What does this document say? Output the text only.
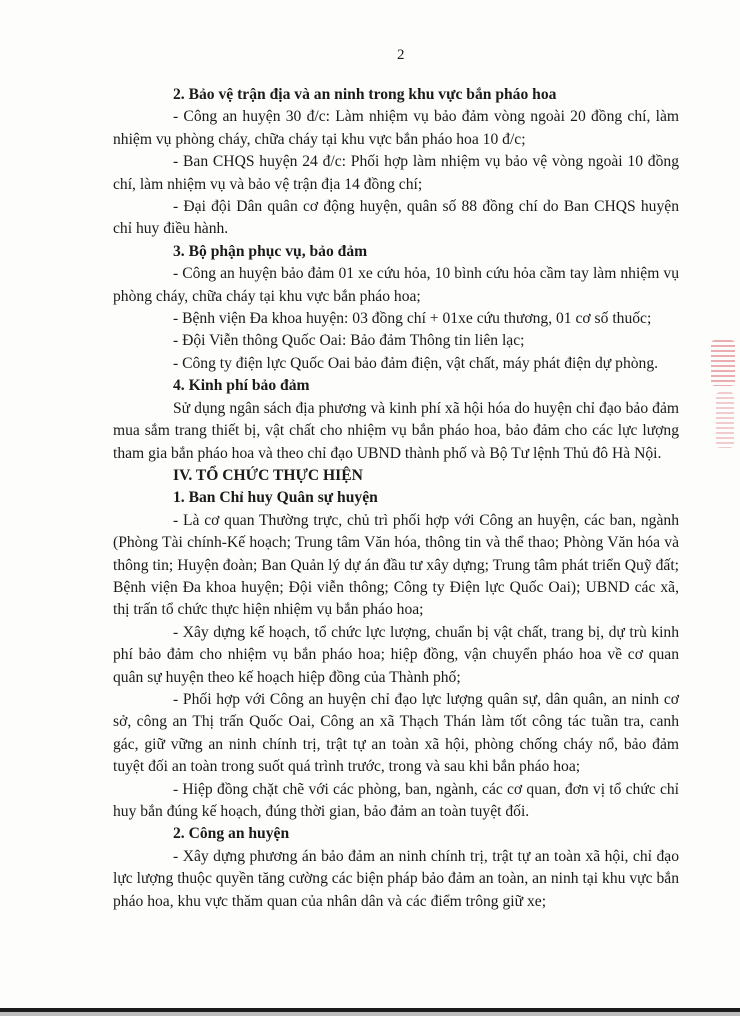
2

2. Bảo vệ trận địa và an ninh trong khu vực bắn pháo hoa

- Công an huyện 30 đ/c: Làm nhiệm vụ bảo đảm vòng ngoài 20 đồng chí, làm nhiệm vụ phòng cháy, chữa cháy tại khu vực bắn pháo hoa 10 đ/c;

- Ban CHQS huyện 24 đ/c: Phối hợp làm nhiệm vụ bảo vệ vòng ngoài 10 đồng chí, làm nhiệm vụ và bảo vệ trận địa 14 đồng chí;

- Đại đội Dân quân cơ động huyện, quân số 88 đồng chí do Ban CHQS huyện chỉ huy điều hành.

3. Bộ phận phục vụ, bảo đảm

- Công an huyện bảo đảm 01 xe cứu hỏa, 10 bình cứu hỏa cầm tay làm nhiệm vụ phòng cháy, chữa cháy tại khu vực bắn pháo hoa;

- Bệnh viện Đa khoa huyện: 03 đồng chí + 01xe cứu thương, 01 cơ số thuốc;

- Đội Viễn thông Quốc Oai: Bảo đảm Thông tin liên lạc;

- Công ty điện lực Quốc Oai bảo đảm điện, vật chất, máy phát điện dự phòng.

4. Kinh phí bảo đảm

Sử dụng ngân sách địa phương và kinh phí xã hội hóa do huyện chỉ đạo bảo đảm mua sắm trang thiết bị, vật chất cho nhiệm vụ bắn pháo hoa, bảo đảm cho các lực lượng tham gia bắn pháo hoa và theo chỉ đạo UBND thành phố và Bộ Tư lệnh Thủ đô Hà Nội.

IV. TỔ CHỨC THỰC HIỆN

1. Ban Chỉ huy Quân sự huyện

- Là cơ quan Thường trực, chủ trì phối hợp với Công an huyện, các ban, ngành (Phòng Tài chính-Kế hoạch; Trung tâm Văn hóa, thông tin và thể thao; Phòng Văn hóa và thông tin; Huyện đoàn; Ban Quản lý dự án đầu tư xây dựng; Trung tâm phát triển Quỹ đất; Bệnh viện Đa khoa huyện; Đội viễn thông; Công ty Điện lực Quốc Oai); UBND các xã, thị trấn tổ chức thực hiện nhiệm vụ bắn pháo hoa;

- Xây dựng kế hoạch, tổ chức lực lượng, chuẩn bị vật chất, trang bị, dự trù kinh phí bảo đảm cho nhiệm vụ bắn pháo hoa; hiệp đồng, vận chuyển pháo hoa về cơ quan quân sự huyện theo kế hoạch hiệp đồng của Thành phố;

- Phối hợp với Công an huyện chỉ đạo lực lượng quân sự, dân quân, an ninh cơ sở, công an Thị trấn Quốc Oai, Công an xã Thạch Thán làm tốt công tác tuần tra, canh gác, giữ vững an ninh chính trị, trật tự an toàn xã hội, phòng chống cháy nổ, bảo đảm tuyệt đối an toàn trong suốt quá trình trước, trong và sau khi bắn pháo hoa;

- Hiệp đồng chặt chẽ với các phòng, ban, ngành, các cơ quan, đơn vị tổ chức chỉ huy bắn đúng kế hoạch, đúng thời gian, bảo đảm an toàn tuyệt đối.

2. Công an huyện

- Xây dựng phương án bảo đảm an ninh chính trị, trật tự an toàn xã hội, chỉ đạo lực lượng thuộc quyền tăng cường các biện pháp bảo đảm an toàn, an ninh tại khu vực bắn pháo hoa, khu vực thăm quan của nhân dân và các điểm trông giữ xe;
